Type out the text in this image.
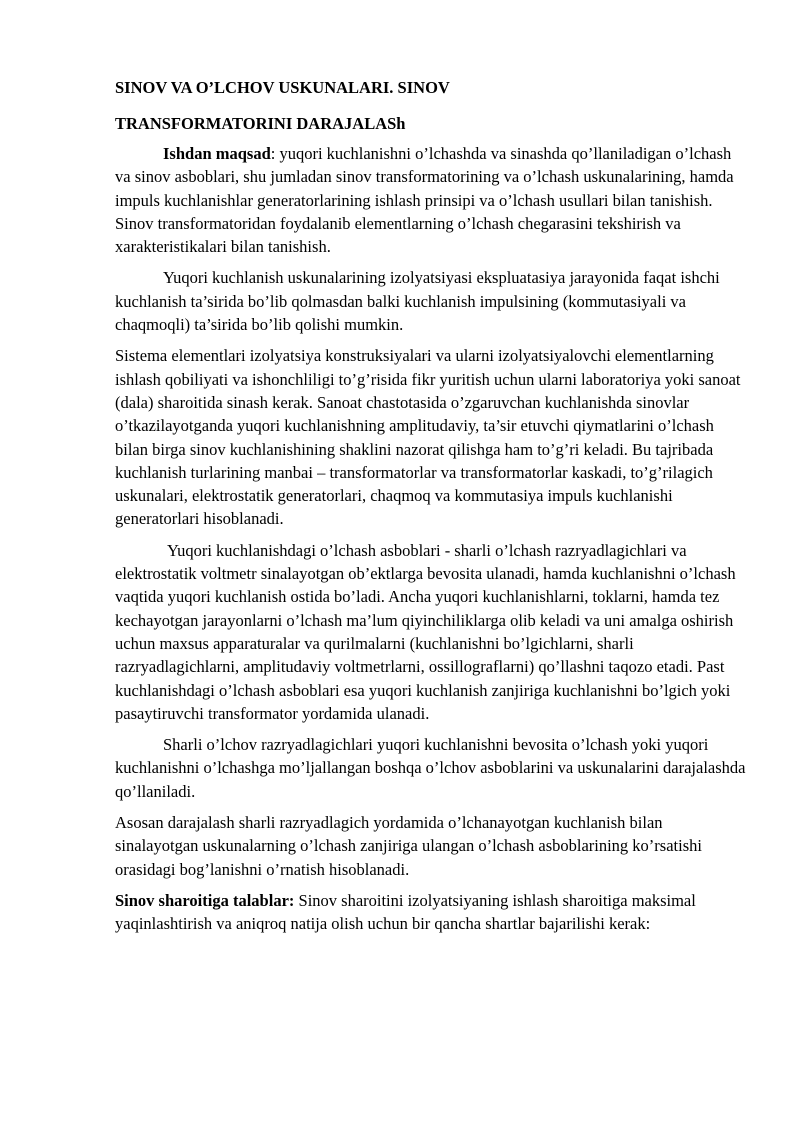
SINOV VA O’LCHOV USKUNALARI. SINOV
TRANSFORMATORINI DARAJALASh

Ishdan maqsad: yuqori kuchlanishni o’lchashda va sinashda qo’llaniladigan o’lchash va sinov asboblari, shu jumladan sinov transformatorining va o’lchash uskunalarining, hamda impuls kuchlanishlar generatorlarining ishlash prinsipi va o’lchash usullari bilan tanishish. Sinov transformatoridan foydalanib elementlarning o’lchash chegarasini tekshirish va xarakteristikalari bilan tanishish.

Yuqori kuchlanish uskunalarining izolyatsiyasi ekspluatasiya jarayonida faqat ishchi kuchlanish ta’sirida bo’lib qolmasdan balki kuchlanish impulsining (kommutasiyali va chaqmoqli) ta’sirida bo’lib qolishi mumkin.

Sistema elementlari izolyatsiya konstruksiyalari va ularni izolyatsiyalovchi elementlarning ishlash qobiliyati va ishonchliligi to’g’risida fikr yuritish uchun ularni laboratoriya yoki sanoat (dala) sharoitida sinash kerak. Sanoat chastotasida o’zgaruvchan kuchlanishda sinovlar o’tkazilayotganda yuqori kuchlanishning amplitudaviy, ta’sir etuvchi qiymatlarini o’lchash bilan birga sinov kuchlanishining shaklini nazorat qilishga ham to’g’ri keladi. Bu tajribada kuchlanish turlarining manbai – transformatorlar va transformatorlar kaskadi, to’g’rilagich uskunalari, elektrostatik generatorlari, chaqmoq va kommutasiya impuls kuchlanishi generatorlari hisoblanadi.

Yuqori kuchlanishdagi o’lchash asboblari - sharli o’lchash razryadlagichlari va elektrostatik voltmetr sinalayotgan ob’ektlarga bevosita ulanadi, hamda kuchlanishni o’lchash vaqtida yuqori kuchlanish ostida bo’ladi. Ancha yuqori kuchlanishlarni, toklarni, hamda tez kechayotgan jarayonlarni o’lchash ma’lum qiyinchiliklarga olib keladi va uni amalga oshirish uchun maxsus apparaturalar va qurilmalarni (kuchlanishni bo’lgichlarni, sharli razryadlagichlarni, amplitudaviy voltmetrlarni, ossillograflarni) qo’llashni taqozo etadi. Past kuchlanishdagi o’lchash asboblari esa yuqori kuchlanish zanjiriga kuchlanishni bo’lgich yoki pasaytiruvchi transformator yordamida ulanadi.

Sharli o’lchov razryadlagichlari yuqori kuchlanishni bevosita o’lchash yoki yuqori kuchlanishni o’lchashga mo’ljallangan boshqa o’lchov asboblarini va uskunalarini darajalashda qo’llaniladi.

Asosan darajalash sharli razryadlagich yordamida o’lchanayotgan kuchlanish bilan sinalayotgan uskunalarning o’lchash zanjiriga ulangan o’lchash asboblarining ko’rsatishi orasidagi bog’lanishni o’rnatish hisoblanadi.

Sinov sharoitiga talablar: Sinov sharoitini izolyatsiyaning ishlash sharoitiga maksimal yaqinlashtirish va aniqroq natija olish uchun bir qancha shartlar bajarilishi kerak:
